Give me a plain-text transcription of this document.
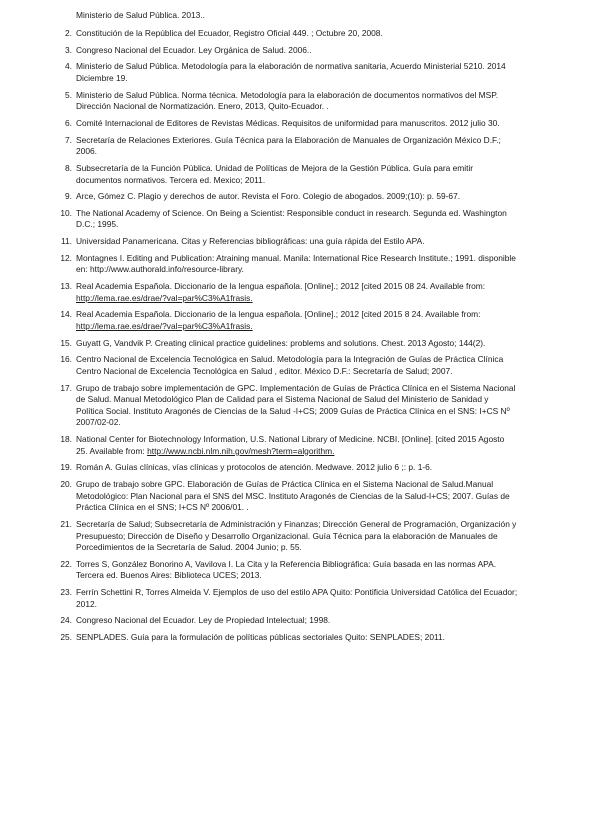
Ministerio de Salud Pública. 2013..
2. Constitución de la República del Ecuador, Registro Oficial 449. ; Octubre 20, 2008.
3. Congreso Nacional del Ecuador. Ley Orgánica de Salud. 2006..
4. Ministerio de Salud Pública. Metodología para la elaboración de normativa sanitaria, Acuerdo Ministerial 5210. 2014 Diciembre 19.
5. Ministerio de Salud Pública. Norma técnica. Metodología para la elaboración de documentos normativos del MSP. Dirección Nacional de Normatización. Enero, 2013, Quito-Ecuador. .
6. Comité Internacional de Editores de Revistas Médicas. Requisitos de uniformidad para manuscritos. 2012 julio 30.
7. Secretaría de Relaciones Exteriores. Guía Técnica para la Elaboración de Manuales de Organización México D.F.; 2006.
8. Subsecretaría de la Función Pública. Unidad de Políticas de Mejora de la Gestión Pública. Guía para emitir documentos normativos. Tercera ed. Mexico; 2011.
9. Arce, Gómez C. Plagio y derechos de autor. Revista el Foro. Colegio de abogados. 2009;(10): p. 59-67.
10. The National Academy of Science. On Being a Scientist: Responsible conduct in research. Segunda ed. Washington D.C.; 1995.
11. Universidad Panamericana. Citas y Referencias bibliográficas: una guía rápida del Estilo APA.
12. Montagnes I. Editing and Publication: Atraining manual. Manila: International Rice Research Institute.; 1991. disponible en: http://www.authorald.info/resource-library.
13. Real Academia Española. Diccionario de la lengua española. [Online].; 2012 [cited 2015 08 24. Available from: http://lema.rae.es/drae/?val=par%C3%A1frasis.
14. Real Academia Española. Diccionario de la lengua española. [Online].; 2012 [cited 2015 8 24. Available from: http://lema.rae.es/drae/?val=par%C3%A1frasis.
15. Guyatt G, Vandvik P. Creating clinical practice guidelines: problems and solutions. Chest. 2013 Agosto; 144(2).
16. Centro Nacional de Excelencia Tecnológica en Salud. Metodología para la Integración de Guías de Práctica Clínica Centro Nacional de Excelencia Tecnológica en Salud , editor. México D.F.: Secretaría de Salud; 2007.
17. Grupo de trabajo sobre implementación de GPC. Implementación de Guías de Práctica Clínica en el Sistema Nacional de Salud. Manual Metodológico Plan de Calidad para el Sistema Nacional de Salud del Ministerio de Sanidad y Política Social. Instituto Aragonés de Ciencias de la Salud -I+CS; 2009 Guías de Práctica Clínica en el SNS: I+CS Nº 2007/02-02.
18. National Center for Biotechnology Information, U.S. National Library of Medicine. NCBI. [Online]. [cited 2015 Agosto 25. Available from: http://www.ncbi.nlm.nih.gov/mesh?term=algorithm.
19. Román A. Guías clínicas, vías clínicas y protocolos de atención. Medwave. 2012 julio 6 ;: p. 1-6.
20. Grupo de trabajo sobre GPC. Elaboración de Guías de Práctica Clínica en el Sistema Nacional de Salud.Manual Metodológico: Plan Nacional para el SNS del MSC. Instituto Aragonés de Ciencias de la Salud-I+CS; 2007. Guías de Práctica Clínica en el SNS; I+CS Nº 2006/01. .
21. Secretaría de Salud; Subsecretaría de Administración y Finanzas; Dirección General de Programación, Organización y Presupuesto; Dirección de Diseño y Desarrollo Organizacional. Guía Técnica para la elaboración de Manuales de Porcedimientos de la Secretaría de Salud. 2004 Junio; p. 55.
22. Torres S, González Bonorino A, Vavilova I. La Cita y la Referencia Bibliográfica: Guía basada en las normas APA. Tercera ed. Buenos Aires: Biblioteca UCES; 2013.
23. Ferrín Schettini R, Torres Almeida V. Ejemplos de uso del estilo APA Quito: Pontificia Universidad Católica del Ecuador; 2012.
24. Congreso Nacional del Ecuador. Ley de Propiedad Intelectual; 1998.
25. SENPLADES. Guía para la formulación de políticas públicas sectoriales Quito: SENPLADES; 2011.
